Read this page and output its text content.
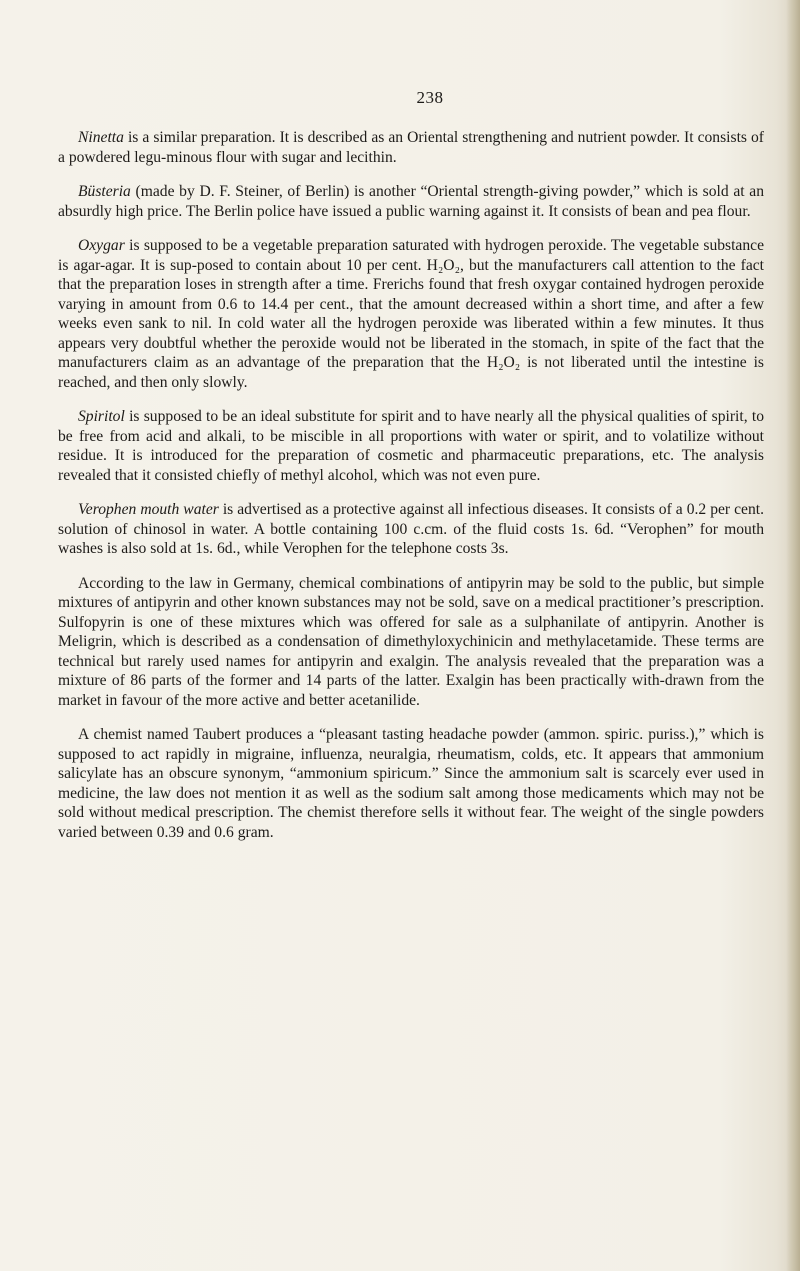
238

Ninetta is a similar preparation. It is described as an Oriental strengthening and nutrient powder. It consists of a powdered legu-minous flour with sugar and lecithin.

Büsteria (made by D. F. Steiner, of Berlin) is another “Oriental strength-giving powder,” which is sold at an absurdly high price. The Berlin police have issued a public warning against it. It consists of bean and pea flour.

Oxygar is supposed to be a vegetable preparation saturated with hydrogen peroxide. The vegetable substance is agar-agar. It is sup-posed to contain about 10 per cent. H₂O₂, but the manufacturers call attention to the fact that the preparation loses in strength after a time. Frerichs found that fresh oxygar contained hydrogen peroxide varying in amount from 0.6 to 14.4 per cent., that the amount decreased within a short time, and after a few weeks even sank to nil. In cold water all the hydrogen peroxide was liberated within a few minutes. It thus appears very doubtful whether the peroxide would not be liberated in the stomach, in spite of the fact that the manufacturers claim as an advantage of the preparation that the H₂O₂ is not liberated until the intestine is reached, and then only slowly.

Spiritol is supposed to be an ideal substitute for spirit and to have nearly all the physical qualities of spirit, to be free from acid and alkali, to be miscible in all proportions with water or spirit, and to volatilize without residue. It is introduced for the preparation of cosmetic and pharmaceutic preparations, etc. The analysis revealed that it consisted chiefly of methyl alcohol, which was not even pure.

Verophen mouth water is advertised as a protective against all infectious diseases. It consists of a 0.2 per cent. solution of chinosol in water. A bottle containing 100 c.cm. of the fluid costs 1s. 6d. “Verophen” for mouth washes is also sold at 1s. 6d., while Verophen for the telephone costs 3s.

According to the law in Germany, chemical combinations of antipyrin may be sold to the public, but simple mixtures of antipyrin and other known substances may not be sold, save on a medical practitioner’s prescription. Sulfopyrin is one of these mixtures which was offered for sale as a sulphanilate of antipyrin. Another is Meligrin, which is described as a condensation of dimethyloxychinicin and methylacetamide. These terms are technical but rarely used names for antipyrin and exalgin. The analysis revealed that the preparation was a mixture of 86 parts of the former and 14 parts of the latter. Exalgin has been practically with-drawn from the market in favour of the more active and better acetanilide.

A chemist named Taubert produces a “pleasant tasting headache powder (ammon. spiric. puriss.),” which is supposed to act rapidly in migraine, influenza, neuralgia, rheumatism, colds, etc. It appears that ammonium salicylate has an obscure synonym, “ammonium spiricum.” Since the ammonium salt is scarcely ever used in medicine, the law does not mention it as well as the sodium salt among those medicaments which may not be sold without medical prescription. The chemist therefore sells it without fear. The weight of the single powders varied between 0.39 and 0.6 gram.
